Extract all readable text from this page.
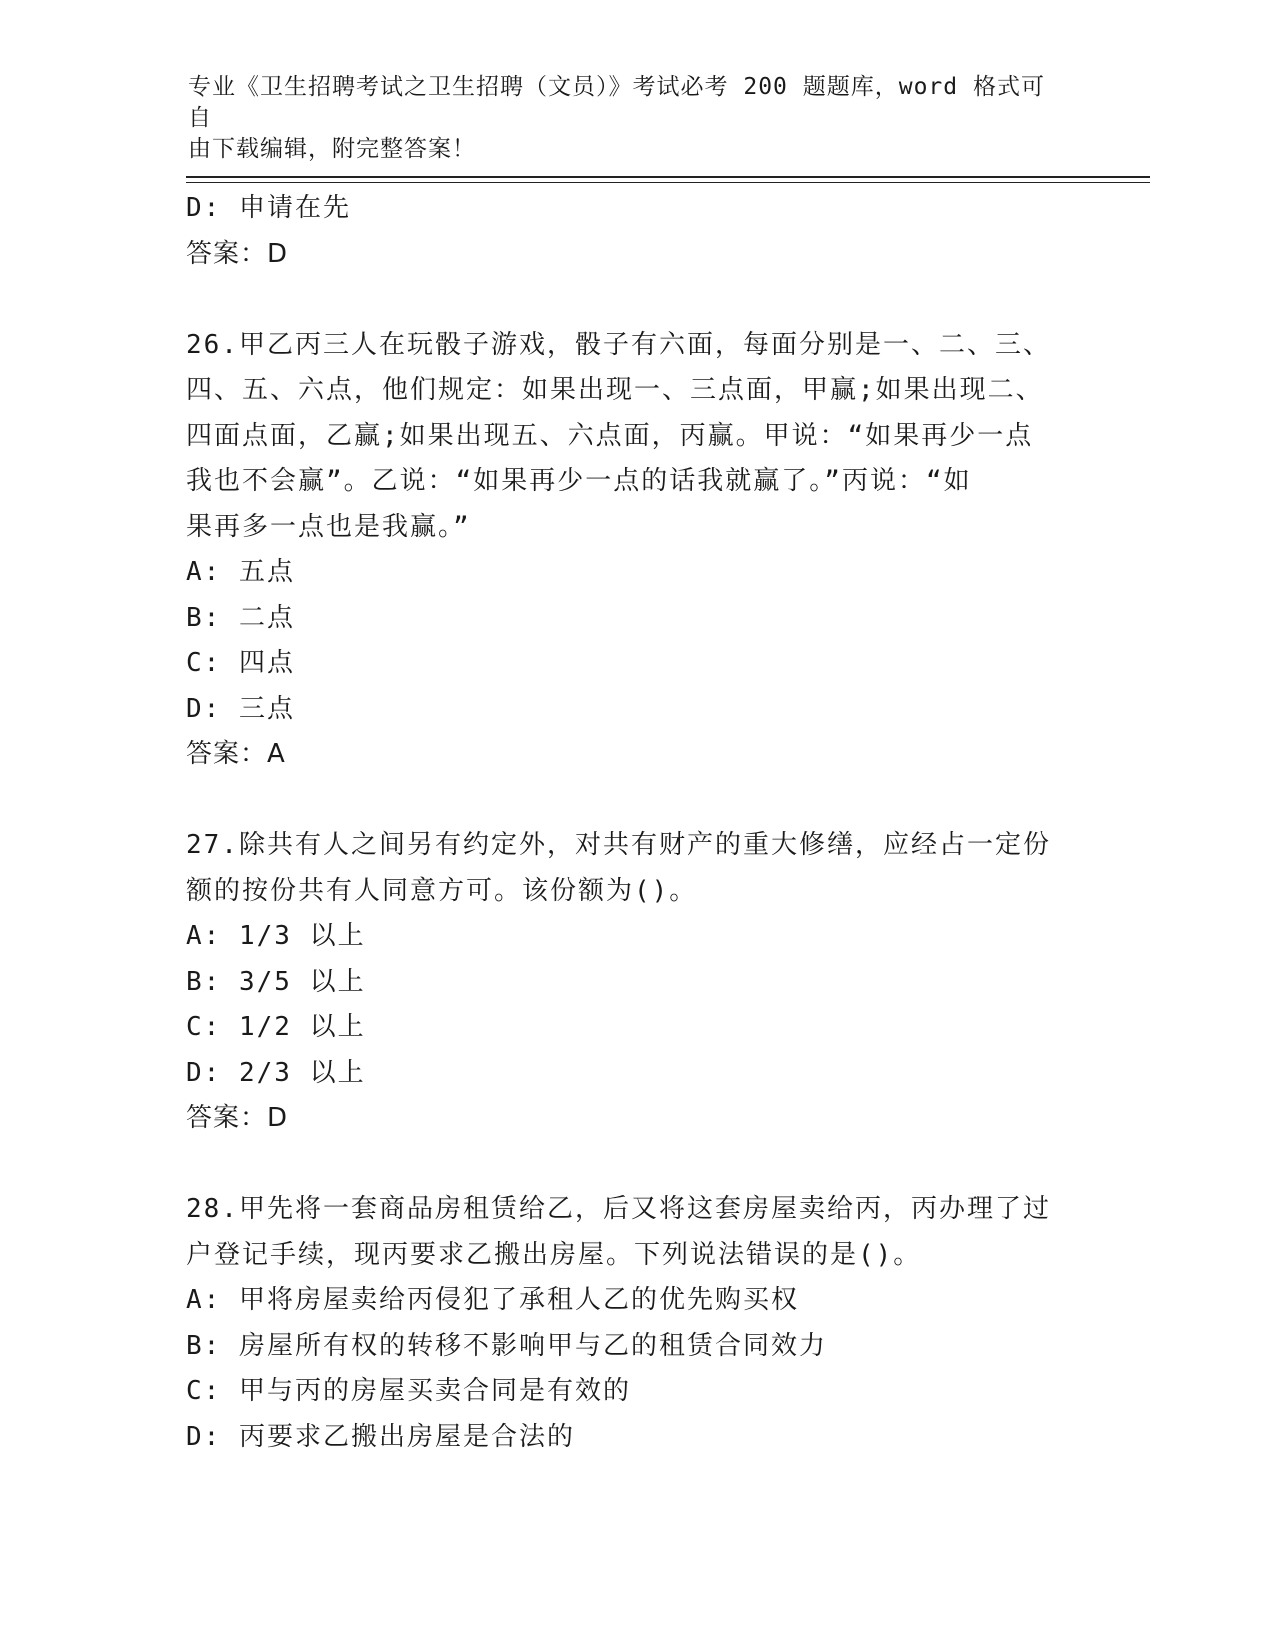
专业《卫生招聘考试之卫生招聘（文员）》考试必考 200 题题库，word 格式可自
由下载编辑，附完整答案！
D: 申请在先
答案：D
26.甲乙丙三人在玩骰子游戏，骰子有六面，每面分别是一、二、三、
四、五、六点，他们规定：如果出现一、三点面，甲赢;如果出现二、
四面点面，乙赢;如果出现五、六点面，丙赢。甲说：“如果再少一点
我也不会赢”。乙说：“如果再少一点的话我就赢了。”丙说：“如
果再多一点也是我赢。”
A: 五点
B: 二点
C: 四点
D: 三点
答案：A
27.除共有人之间另有约定外，对共有财产的重大修缮，应经占一定份
额的按份共有人同意方可。该份额为()。
A: 1/3 以上
B: 3/5 以上
C: 1/2 以上
D: 2/3 以上
答案：D
28.甲先将一套商品房租赁给乙，后又将这套房屋卖给丙，丙办理了过
户登记手续，现丙要求乙搬出房屋。下列说法错误的是()。
A: 甲将房屋卖给丙侵犯了承租人乙的优先购买权
B: 房屋所有权的转移不影响甲与乙的租赁合同效力
C: 甲与丙的房屋买卖合同是有效的
D: 丙要求乙搬出房屋是合法的
